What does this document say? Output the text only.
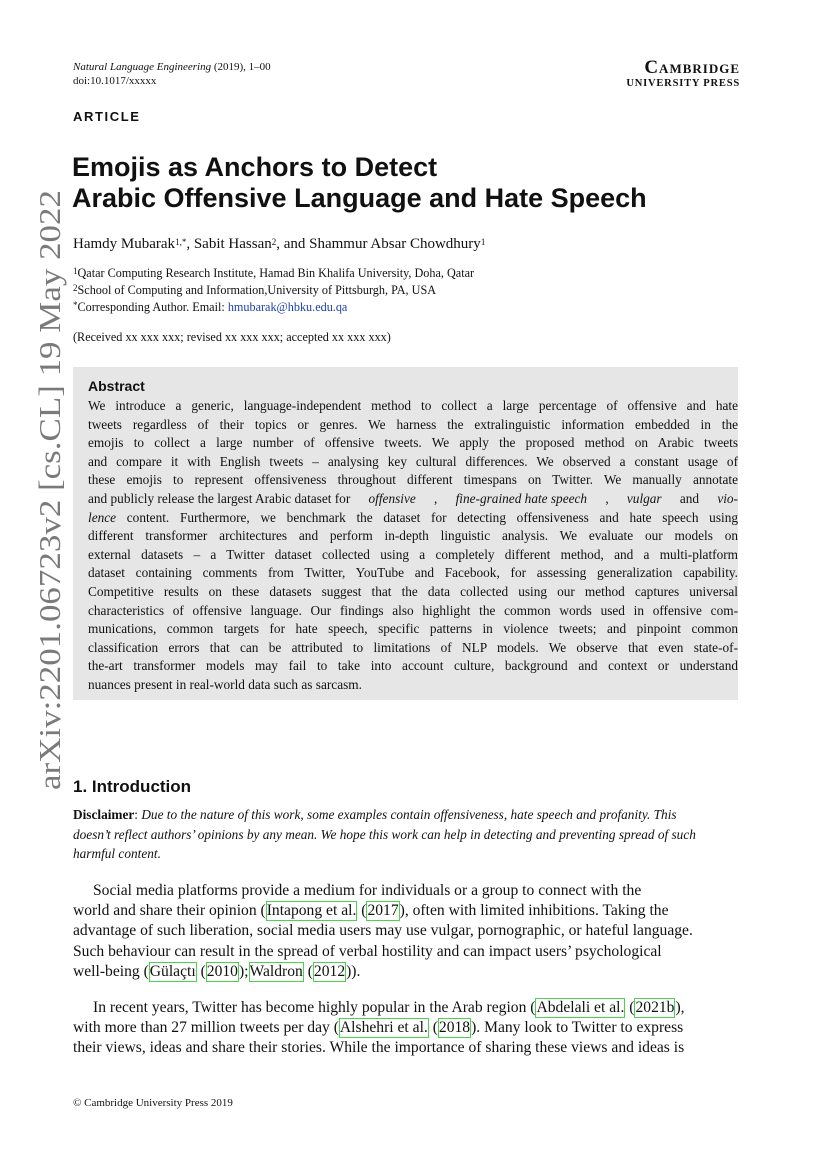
arXiv:2201.06723v2 [cs.CL] 19 May 2022
Natural Language Engineering (2019), 1–00
doi:10.1017/xxxxx
Cambridge
UNIVERSITY PRESS
ARTICLE
Emojis as Anchors to Detect
Arabic Offensive Language and Hate Speech
Hamdy Mubarak$^{1,*}$, Sabit Hassan$^2$, and Shammur Absar Chowdhury$^1$
$^1$Qatar Computing Research Institute, Hamad Bin Khalifa University, Doha, Qatar
$^2$School of Computing and Information,University of Pittsburgh, PA, USA
*Corresponding Author. Email: hmubarak@hbku.edu.qa
(Received xx xxx xxx; revised xx xxx xxx; accepted xx xxx xxx)
Abstract
We introduce a generic, language-independent method to collect a large percentage of offensive and hate
tweets regardless of their topics or genres. We harness the extralinguistic information embedded in the
emojis to collect a large number of offensive tweets. We apply the proposed method on Arabic tweets
and compare it with English tweets – analysing key cultural differences. We observed a constant usage of
these emojis to represent offensiveness throughout different timespans on Twitter. We manually annotate
and publicly release the largest Arabic dataset for offensive , fine-grained hate speech , vulgar and vio-
lence content. Furthermore, we benchmark the dataset for detecting offensiveness and hate speech using
different transformer architectures and perform in-depth linguistic analysis. We evaluate our models on
external datasets – a Twitter dataset collected using a completely different method, and a multi-platform
dataset containing comments from Twitter, YouTube and Facebook, for assessing generalization capability.
Competitive results on these datasets suggest that the data collected using our method captures universal
characteristics of offensive language. Our findings also highlight the common words used in offensive com-
munications, common targets for hate speech, specific patterns in violence tweets; and pinpoint common
classification errors that can be attributed to limitations of NLP models. We observe that even state-of-
the-art transformer models may fail to take into account culture, background and context or understand
nuances present in real-world data such as sarcasm.
1. Introduction
Disclaimer: Due to the nature of this work, some examples contain offensiveness, hate speech and profanity. This
doesn’t reflect authors’ opinions by any mean. We hope this work can help in detecting and preventing spread of such
harmful content.
Social media platforms provide a medium for individuals or a group to connect with the
world and share their opinion ( Intapong et al. ( 2017 ), often with limited inhibitions. Taking the
advantage of such liberation, social media users may use vulgar, pornographic, or hateful language.
Such behaviour can result in the spread of verbal hostility and can impact users’ psychological
well-being ( Gülaçtı ( 2010 ) ; Waldron ( 2012 )).
In recent years, Twitter has become highly popular in the Arab region ( Abdelali et al. ( 2021b ),
with more than 27 million tweets per day ( Alshehri et al. ( 2018 ). Many look to Twitter to express
their views, ideas and share their stories. While the importance of sharing these views and ideas is
© Cambridge University Press 2019
